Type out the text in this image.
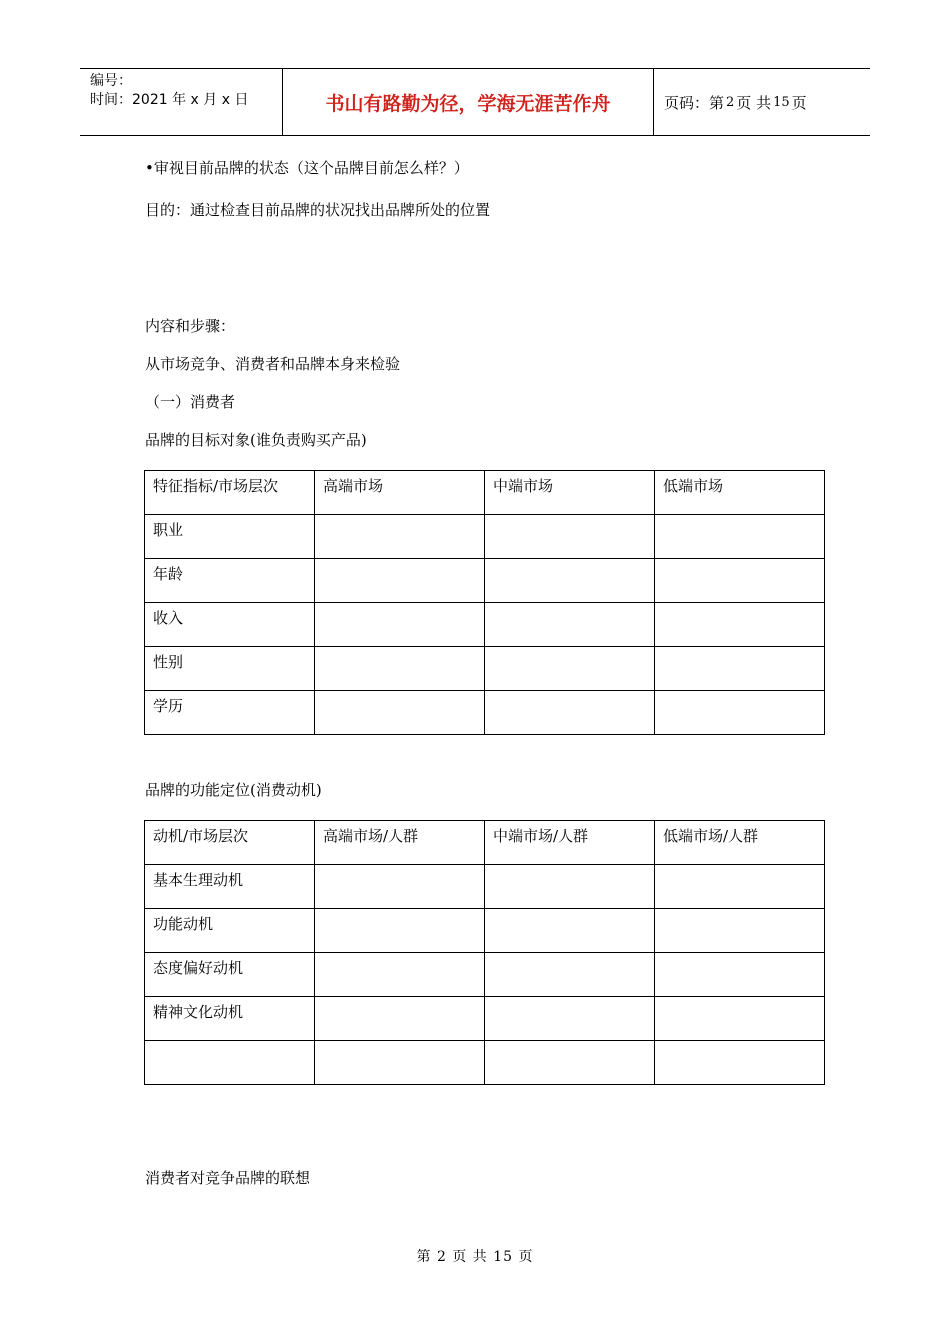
编号：
时间：2021 年 x 月 x 日	书山有路勤为径，学海无涯苦作舟	页码：第 2 页 共 15 页
•审视目前品牌的状态（这个品牌目前怎么样？）
目的：通过检查目前品牌的状况找出品牌所处的位置
内容和步骤：
从市场竞争、消费者和品牌本身来检验
（一）消费者
品牌的目标对象(谁负责购买产品)
特征指标/市场层次	高端市场	中端市场	低端市场
职业			
年龄			
收入			
性别			
学历			
品牌的功能定位(消费动机)
动机/市场层次	高端市场/人群	中端市场/人群	低端市场/人群
基本生理动机			
功能动机			
态度偏好动机			
精神文化动机			

消费者对竞争品牌的联想
第 2 页 共 15 页
